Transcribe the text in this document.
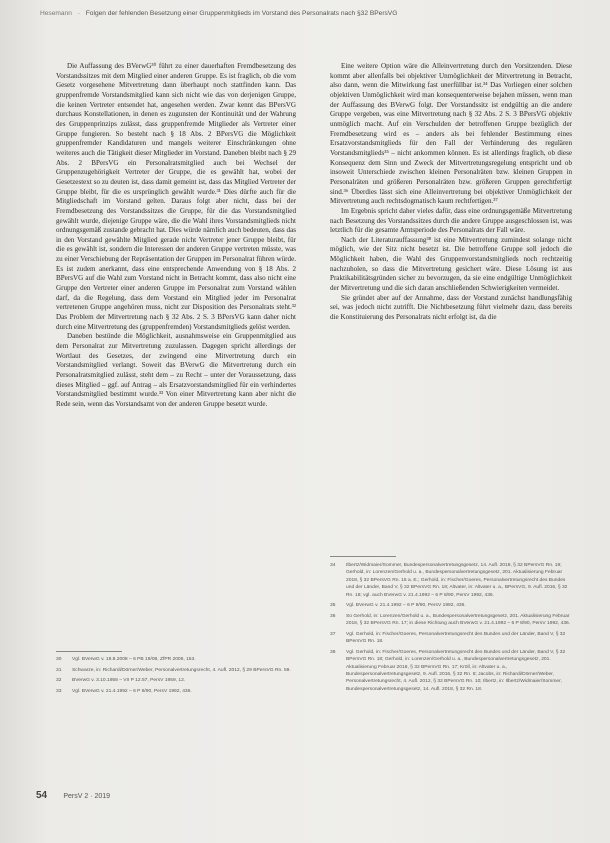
Hesemann · Folgen der fehlenden Besetzung einer Gruppenmitglieds im Vorstand des Personalrats nach §32 BPersVG

Die Auffassung des BVerwG³⁰ führt zu einer dauerhaften Fremdbesetzung des Vorstandssitzes mit dem Mitglied einer anderen Gruppe. Es ist fraglich, ob die vom Gesetz vorgesehene Mitvertretung dann überhaupt noch stattfinden kann. Das gruppenfremde Vorstandsmitglied kann sich nicht wie das von derjenigen Gruppe, die keinen Vertreter entsendet hat, angesehen werden. Zwar kennt das BPersVG durchaus Konstellationen, in denen es zugunsten der Kontinuität und der Wahrung des Gruppenprinzips zulässt, dass gruppenfremde Mitglieder als Vertreter einer Gruppe fungieren. So besteht nach § 18 Abs. 2 BPersVG die Möglichkeit gruppenfremder Kandidaturen und mangels weiterer Einschränkungen ohne weiteres auch die Tätigkeit dieser Mitglieder im Vorstand. Daneben bleibt nach § 29 Abs. 2 BPersVG ein Personalratsmitglied auch bei Wechsel der Gruppenzugehörigkeit Vertreter der Gruppe, die es gewählt hat, wobei der Gesetzestext so zu deuten ist, dass damit gemeint ist, dass das Mitglied Vertreter der Gruppe bleibt, für die es ursprünglich gewählt wurde.³¹ Dies dürfte auch für die Mitgliedschaft im Vorstand gelten. Daraus folgt aber nicht, dass bei der Fremdbesetzung des Vorstandssitzes die Gruppe, für die das Vorstandsmitglied gewählt wurde, diejenige Gruppe wäre, die die Wahl ihres Vorstandsmitglieds nicht ordnungsgemäß zustande gebracht hat. Dies würde nämlich auch bedeuten, dass das in den Vorstand gewählte Mitglied gerade nicht Vertreter jener Gruppe bleibt, für die es gewählt ist, sondern die Interessen der anderen Gruppe vertreten müsste, was zu einer Verschiebung der Repräsentation der Gruppen im Personalrat führen würde. Es ist zudem anerkannt, dass eine entsprechende Anwendung von § 18 Abs. 2 BPersVG auf die Wahl zum Vorstand nicht in Betracht kommt, dass also nicht eine Gruppe den Vertreter einer anderen Gruppe im Personalrat zum Vorstand wählen darf, da die Regelung, dass dem Vorstand ein Mitglied jeder im Personalrat vertretenen Gruppe angehören muss, nicht zur Disposition des Personalrats steht.³² Das Problem der Mitvertretung nach § 32 Abs. 2 S. 3 BPersVG kann daher nicht durch eine Mitvertretung des (gruppenfremden) Vorstandsmitglieds gelöst werden.

Daneben bestünde die Möglichkeit, ausnahmsweise ein Gruppenmitglied aus dem Personalrat zur Mitvertretung zuzulassen. Dagegen spricht allerdings der Wortlaut des Gesetzes, der zwingend eine Mitvertretung durch ein Vorstandsmitglied verlangt. Soweit das BVerwG die Mitvertretung durch ein Personalratsmitglied zulässt, steht dem – zu Recht – unter der Voraussetzung, dass dieses Mitglied – ggf. auf Antrag – als Ersatzvorstandsmitglied für ein verhindertes Vorstandsmitglied bestimmt wurde.³³ Von einer Mitvertretung kann aber nicht die Rede sein, wenn das Vorstandsamt von der anderen Gruppe besetzt wurde.

30	Vgl. BVerwG v. 18.8.2008 – 6 PB 19/08, ZfPR 2009, 153.
31	Schwarze, in: Richardi/Dörner/Weber, Personalvertretungsrecht, 4. Aufl. 2012, § 29 BPersVG Rn. 59.
32	BVerwG v. 3.10.1958 – VII P 12.57, PersV 1959, 12.
33	Vgl. BVerwG v. 21.4.1992 – 6 P 8/90, PersV 1992, 436.

Eine weitere Option wäre die Alleinvertretung durch den Vorsitzenden. Diese kommt aber allenfalls bei objektiver Unmöglichkeit der Mitvertretung in Betracht, also dann, wenn die Mitwirkung fast unerfüllbar ist.³⁴ Das Vorliegen einer solchen objektiven Unmöglichkeit wird man konsequenterweise bejahen müssen, wenn man der Auffassung des BVerwG folgt. Der Vorstandssitz ist endgültig an die andere Gruppe vergeben, was eine Mitvertretung nach § 32 Abs. 2 S. 3 BPersVG objektiv unmöglich macht. Auf ein Verschulden der betroffenen Gruppe bezüglich der Fremdbesetzung wird es – anders als bei fehlender Bestimmung eines Ersatzvorstandsmitglieds für den Fall der Verhinderung des regulären Vorstandsmitglieds³⁵ – nicht ankommen können. Es ist allerdings fraglich, ob diese Konsequenz dem Sinn und Zweck der Mitvertretungsregelung entspricht und ob insoweit Unterschiede zwischen kleinen Personalräten bzw. kleinen Gruppen in Personalräten und größeren Personalräten bzw. größeren Gruppen gerechtfertigt sind.³⁶ Überdies lässt sich eine Alleinvertretung bei objektiver Unmöglichkeit der Mitvertretung auch rechtsdogmatisch kaum rechtfertigen.³⁷

Im Ergebnis spricht daher vieles dafür, dass eine ordnungsgemäße Mitvertretung nach Besetzung des Vorstandssitzes durch die andere Gruppe ausgeschlossen ist, was letztlich für die gesamte Amtsperiode des Personalrats der Fall wäre.

Nach der Literaturauffassung³⁸ ist eine Mitvertretung zumindest solange nicht möglich, wie der Sitz nicht besetzt ist. Die betroffene Gruppe soll jedoch die Möglichkeit haben, die Wahl des Gruppenvorstandsmitglieds noch rechtzeitig nachzuholen, so dass die Mitvertretung gesichert wäre. Diese Lösung ist aus Praktikabilitätsgründen sicher zu bevorzugen, da sie eine endgültige Unmöglichkeit der Mitvertretung und die sich daran anschließenden Schwierigkeiten vermeidet.

Sie gründet aber auf der Annahme, dass der Vorstand zunächst handlungsfähig sei, was jedoch nicht zutrifft. Die Nichtbesetzung führt vielmehr dazu, dass bereits die Konstituierung des Personalrats nicht erfolgt ist, da die

34	Ilbertz/Widmaier/Sommer, Bundespersonalvertretungsgesetz, 14. Aufl. 2018, § 32 BPersVG Rn. 19; Gerhold, in: Lorenzen/Gerhold u. a., Bundespersonalvertretungsgesetz, 201. Aktualisierung Februar 2018, § 32 BPersVG Rn. 15 a. E.; Gerhold, in: Fischer/Goeres, Personalvertretungsrecht des Bundes und der Länder, Band V, § 32 BPersVG Rn. 18; Altvater, in: Altvater u. a., BPersVG, 9. Aufl. 2016, § 32 Rn. 18; vgl. auch BVerwG v. 21.4.1992 – 6 P 8/90, PersV 1992, 436.
35	Vgl. BVerwG v. 21.4.1992 – 6 P 8/90, PersV 1992, 436.
36	So Gerhold, in: Lorenzen/Gerhold u. a., Bundespersonalvertretungsgesetz, 201. Aktualisierung Februar 2018, § 32 BPersVG Rn. 17; in diese Richtung auch BVerwG v. 21.4.1992 – 6 P 8/90, PersV 1992, 436.
37	Vgl. Gerhold, in: Fischer/Goeres, Personalvertretungsrecht des Bundes und der Länder, Band V, § 32 BPersVG Rn. 18.
38	Vgl. Gerhold, in: Fischer/Goeres, Personalvertretungsrecht des Bundes und der Länder, Band V, § 32 BPersVG Rn. 18; Gerhold, in: Lorenzen/Gerhold u. a., Bundespersonalvertretungsgesetz, 201. Aktualisierung Februar 2018, § 32 BPersVG Rn. 17; Kröll, in: Altvater u. a., Bundespersonalvertretungsgesetz, 9. Aufl. 2016, § 32 Rn. 8; Jacobs, in: Richardi/Dörner/Weber, Personalvertretungsrecht, 4. Aufl. 2012, § 32 BPersVG Rn. 10; Ilbertz, in: Ilbertz/Widmaier/Sommer, Bundespersonalvertretungsgesetz, 14. Aufl. 2018, § 32 Rn. 18.
54 PersV 2 · 2019
